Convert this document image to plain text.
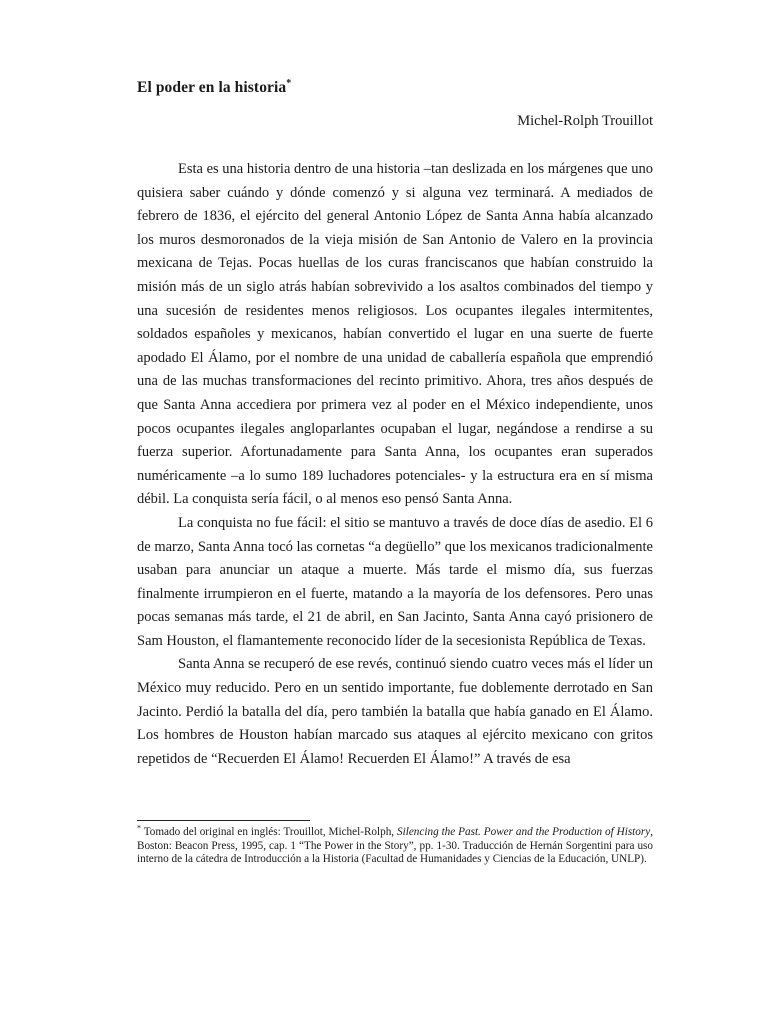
El poder en la historia*
Michel-Rolph Trouillot

Esta es una historia dentro de una historia –tan deslizada en los márgenes que uno quisiera saber cuándo y dónde comenzó y si alguna vez terminará. A mediados de febrero de 1836, el ejército del general Antonio López de Santa Anna había alcanzado los muros desmoronados de la vieja misión de San Antonio de Valero en la provincia mexicana de Tejas. Pocas huellas de los curas franciscanos que habían construido la misión más de un siglo atrás habían sobrevivido a los asaltos combinados del tiempo y una sucesión de residentes menos religiosos. Los ocupantes ilegales intermitentes, soldados españoles y mexicanos, habían convertido el lugar en una suerte de fuerte apodado El Álamo, por el nombre de una unidad de caballería española que emprendió una de las muchas transformaciones del recinto primitivo. Ahora, tres años después de que Santa Anna accediera por primera vez al poder en el México independiente, unos pocos ocupantes ilegales angloparlantes ocupaban el lugar, negándose a rendirse a su fuerza superior. Afortunadamente para Santa Anna, los ocupantes eran superados numéricamente –a lo sumo 189 luchadores potenciales- y la estructura era en sí misma débil. La conquista sería fácil, o al menos eso pensó Santa Anna.

La conquista no fue fácil: el sitio se mantuvo a través de doce días de asedio. El 6 de marzo, Santa Anna tocó las cornetas “a degüello” que los mexicanos tradicionalmente usaban para anunciar un ataque a muerte. Más tarde el mismo día, sus fuerzas finalmente irrumpieron en el fuerte, matando a la mayoría de los defensores. Pero unas pocas semanas más tarde, el 21 de abril, en San Jacinto, Santa Anna cayó prisionero de Sam Houston, el flamantemente reconocido líder de la secesionista República de Texas.

Santa Anna se recuperó de ese revés, continuó siendo cuatro veces más el líder un México muy reducido. Pero en un sentido importante, fue doblemente derrotado en San Jacinto. Perdió la batalla del día, pero también la batalla que había ganado en El Álamo. Los hombres de Houston habían marcado sus ataques al ejército mexicano con gritos repetidos de “Recuerden El Álamo! Recuerden El Álamo!” A través de esa

* Tomado del original en inglés: Trouillot, Michel-Rolph, Silencing the Past. Power and the Production of History, Boston: Beacon Press, 1995, cap. 1 “The Power in the Story”, pp. 1-30. Traducción de Hernán Sorgentini para uso interno de la cátedra de Introducción a la Historia (Facultad de Humanidades y Ciencias de la Educación, UNLP).
